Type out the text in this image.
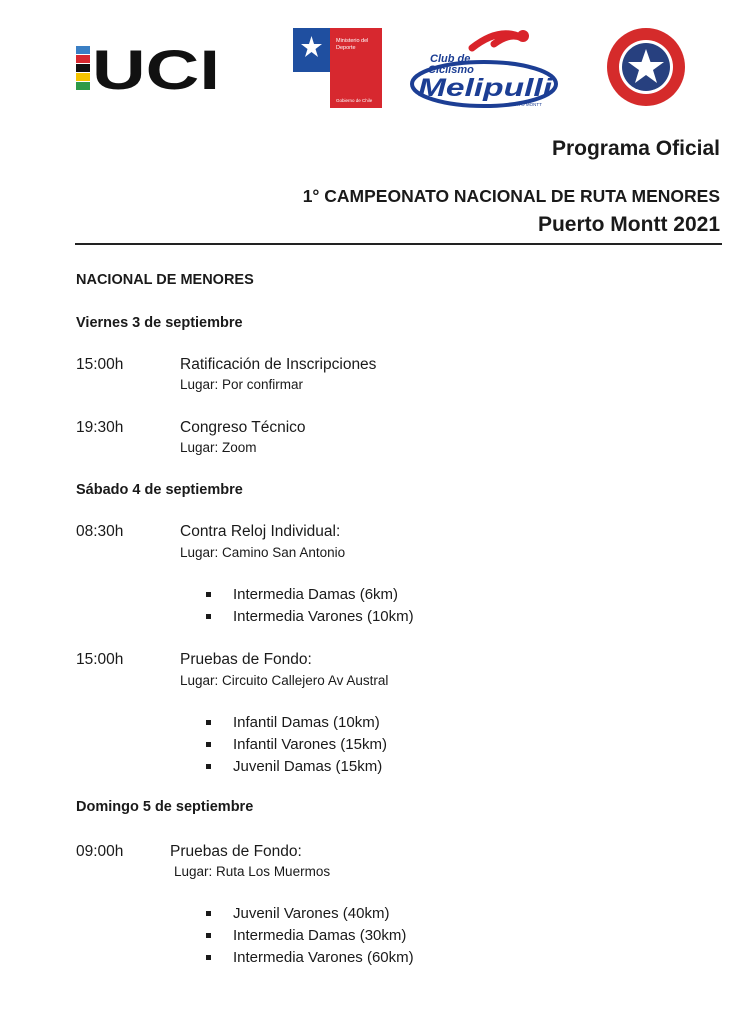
UCI	Ministerio del
Deporte
Gobierno de Chile
Club de
Ciclismo
Melipulli
PUERTO MONTT
Programa Oficial
1° CAMPEONATO NACIONAL DE RUTA MENORES
Puerto Montt 2021
NACIONAL DE MENORES
Viernes 3 de septiembre
15:00h	Ratificación de Inscripciones
Lugar: Por confirmar
19:30h	Congreso Técnico
Lugar: Zoom
Sábado 4 de septiembre
08:30h	Contra Reloj Individual:
Lugar: Camino San Antonio
Intermedia Damas (6km)
Intermedia Varones (10km)
15:00h	Pruebas de Fondo:
Lugar: Circuito Callejero Av Austral
Infantil Damas (10km)
Infantil Varones (15km)
Juvenil Damas (15km)
Domingo 5 de septiembre
09:00h	Pruebas de Fondo:
Lugar: Ruta Los Muermos
Juvenil Varones (40km)
Intermedia Damas (30km)
Intermedia Varones (60km)
